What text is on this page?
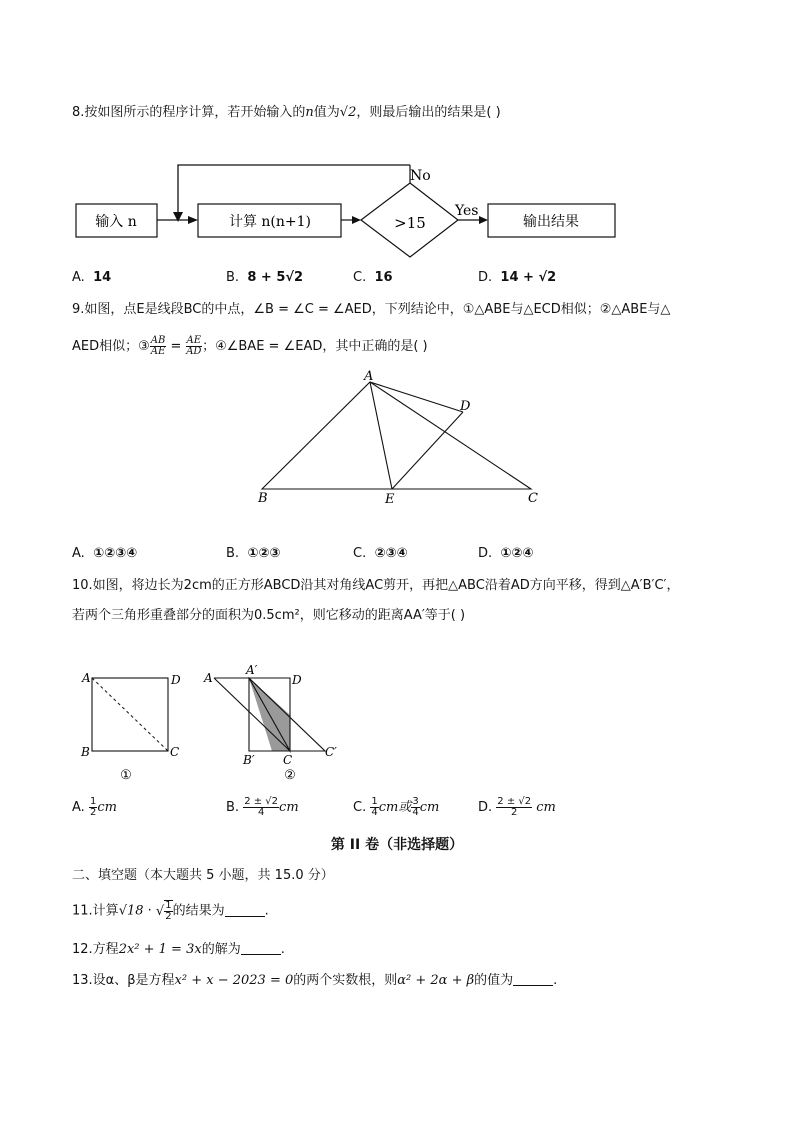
8.按如图所示的程序计算，若开始输入的n值为√2，则最后输出的结果是( )
输入 n	计算 n(n+1)	>15
No
Yes
输出结果
A. 14	B. 8 + 5√2	C. 16	D. 14 + √2
9.如图，点E是线段BC的中点，∠B = ∠C = ∠AED，下列结论中，①△ABE与△ECD相似；②△ABE与△
AED相似；③ $\frac{AB}{AE} = \frac{AE}{AD}$ ；④∠BAE = ∠EAD，其中正确的是( )
A
B	C
D
E
A. ①②③④	B. ①②③	C. ②③④	D. ①②④
10.如图，将边长为2cm的正方形ABCD沿其对角线AC剪开，再把△ABC沿着AD方向平移，得到△A′B′C′，
若两个三角形重叠部分的面积为0.5cm²，则它移动的距离AA′等于( )
A	D
B	C
①
A
A′
D
B′ C
C′
②
A. $\frac{1}{2}$ cm	B. $\frac{2 \pm √2}{4}$ cm	C. $\frac{1}{4}$ cm或 $\frac{3}{4}$ cm	D. $\frac{2 \pm √2}{2}$ cm
第 II 卷（非选择题）
二、填空题（本大题共 5 小题，共 15.0 分）
11.计算√18 · √ $\frac{1}{2}$ 的结果为	.
12.方程2x² + 1 = 3x的解为	.
13.设α、β是方程x² + x − 2023 = 0的两个实数根，则α² + 2α + β的值为	.
